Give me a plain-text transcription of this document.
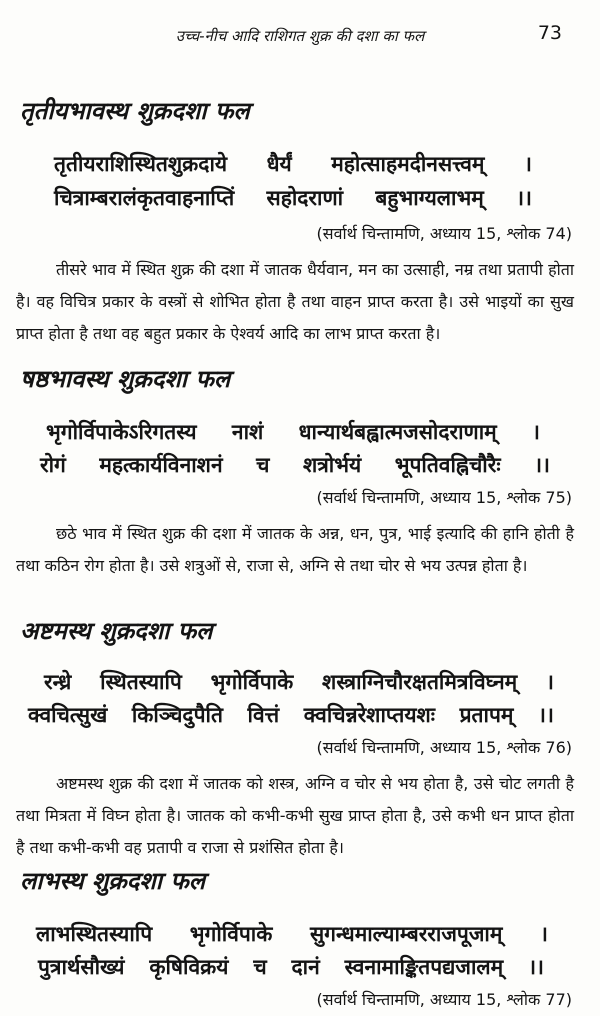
उच्च-नीच आदि राशिगत शुक्र की दशा का फल	73
तृतीयभावस्थ शुक्रदशा फल
तृतीयराशिस्थितशुक्रदाये धैर्यं महोत्साहमदीनसत्त्वम् ।
चित्राम्बरालंकृतवाहनाप्तिं सहोदराणां बहुभाग्यलाभम् ।।
(सर्वार्थ चिन्तामणि, अध्याय 15, श्लोक 74)
तीसरे भाव में स्थित शुक्र की दशा में जातक धैर्यवान, मन का उत्साही, नम्र तथा प्रतापी होता है। वह विचित्र प्रकार के वस्त्रों से शोभित होता है तथा वाहन प्राप्त करता है। उसे भाइयों का सुख प्राप्त होता है तथा वह बहुत प्रकार के ऐश्वर्य आदि का लाभ प्राप्त करता है।
षष्ठभावस्थ शुक्रदशा फल
भृगोर्विपाकेऽरिगतस्य नाशं धान्यार्थबह्वात्मजसोदराणाम् ।
रोगं महत्कार्यविनाशनं च शत्रोर्भयं भूपतिवह्निचौरैः ।।
(सर्वार्थ चिन्तामणि, अध्याय 15, श्लोक 75)
छठे भाव में स्थित शुक्र की दशा में जातक के अन्न, धन, पुत्र, भाई इत्यादि की हानि होती है तथा कठिन रोग होता है। उसे शत्रुओं से, राजा से, अग्नि से तथा चोर से भय उत्पन्न होता है।
अष्टमस्थ शुक्रदशा फल
रन्ध्रे स्थितस्यापि भृगोर्विपाके शस्त्राग्निचौरक्षतमित्रविघ्नम् ।
क्वचित्सुखं किञ्चिदुपैति वित्तं क्वचिन्नरेशाप्तयशः प्रतापम् ।।
(सर्वार्थ चिन्तामणि, अध्याय 15, श्लोक 76)
अष्टमस्थ शुक्र की दशा में जातक को शस्त्र, अग्नि व चोर से भय होता है, उसे चोट लगती है तथा मित्रता में विघ्न होता है। जातक को कभी-कभी सुख प्राप्त होता है, उसे कभी धन प्राप्त होता है तथा कभी-कभी वह प्रतापी व राजा से प्रशंसित होता है।
लाभस्थ शुक्रदशा फल
लाभस्थितस्यापि भृगोर्विपाके सुगन्धमाल्याम्बरराजपूजाम् ।
पुत्रार्थसौख्यं कृषिविक्रयं च दानं स्वनामाङ्कितपद्यजालम् ।।
(सर्वार्थ चिन्तामणि, अध्याय 15, श्लोक 77)
